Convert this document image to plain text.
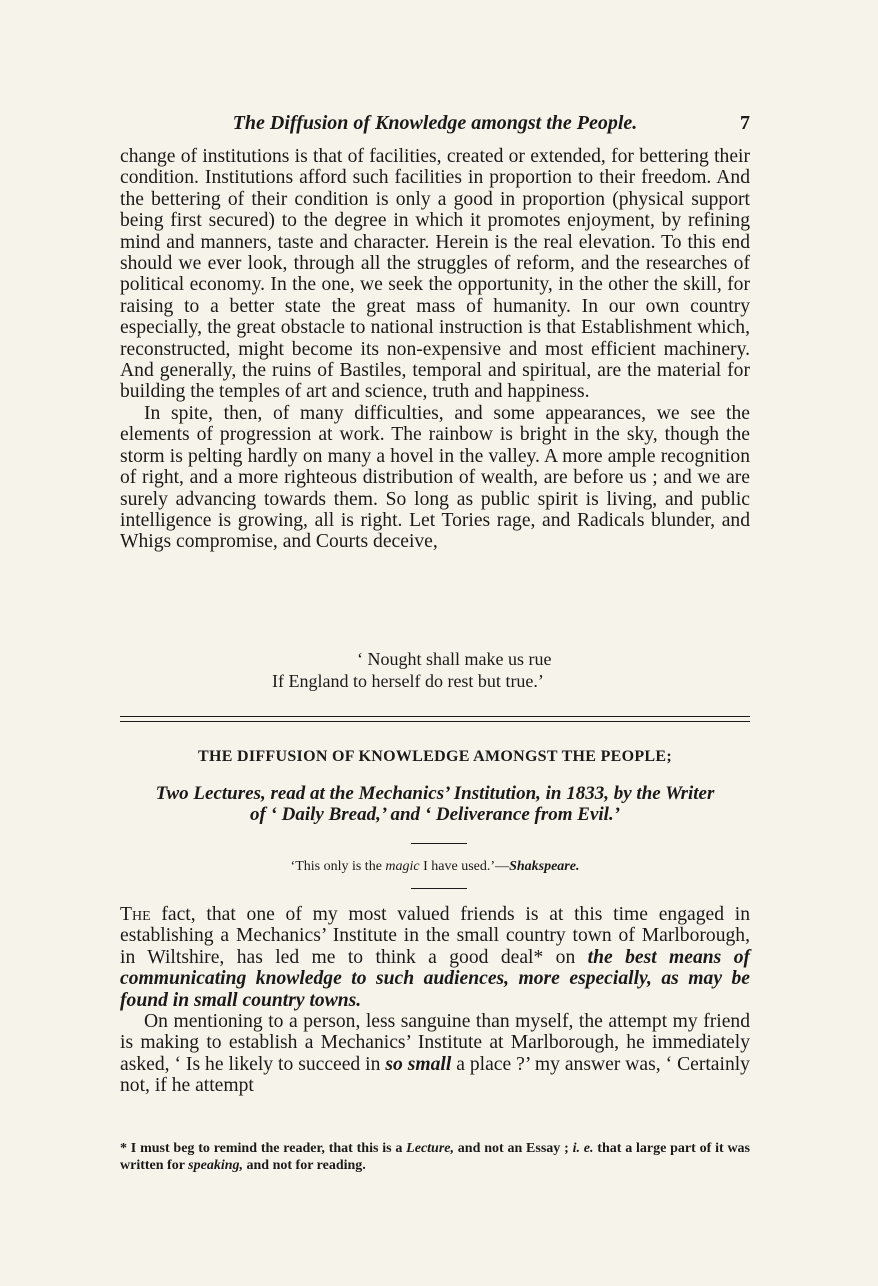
The Diffusion of Knowledge amongst the People.	7

change of institutions is that of facilities, created or extended, for bettering their condition. Institutions afford such facilities in proportion to their freedom. And the bettering of their condition is only a good in proportion (physical support being first secured) to the degree in which it promotes enjoyment, by refining mind and manners, taste and character. Herein is the real elevation. To this end should we ever look, through all the struggles of reform, and the researches of political economy. In the one, we seek the opportunity, in the other the skill, for raising to a better state the great mass of humanity. In our own country especially, the great obstacle to national instruction is that Establishment which, reconstructed, might become its non-expensive and most efficient machinery. And generally, the ruins of Bastiles, temporal and spiritual, are the material for building the temples of art and science, truth and happiness.

In spite, then, of many difficulties, and some appearances, we see the elements of progression at work. The rainbow is bright in the sky, though the storm is pelting hardly on many a hovel in the valley. A more ample recognition of right, and a more righteous distribution of wealth, are before us ; and we are surely advancing towards them. So long as public spirit is living, and public intelligence is growing, all is right. Let Tories rage, and Radicals blunder, and Whigs compromise, and Courts deceive,

‘ Nought shall make us rue
If England to herself do rest but true.’
THE DIFFUSION OF KNOWLEDGE AMONGST THE PEOPLE;
Two Lectures, read at the Mechanics’ Institution, in 1833, by the Writer
of ‘ Daily Bread,’ and ‘ Deliverance from Evil.’
‘This only is the magic I have used.’—Shakspeare.

The fact, that one of my most valued friends is at this time engaged in establishing a Mechanics’ Institute in the small country town of Marlborough, in Wiltshire, has led me to think a good deal* on the best means of communicating knowledge to such audiences, more especially, as may be found in small country towns.

On mentioning to a person, less sanguine than myself, the attempt my friend is making to establish a Mechanics’ Institute at Marlborough, he immediately asked, ‘ Is he likely to succeed in so small a place ?’ my answer was, ‘ Certainly not, if he attempt

* I must beg to remind the reader, that this is a Lecture, and not an Essay ; i. e. that a large part of it was written for speaking, and not for reading.
